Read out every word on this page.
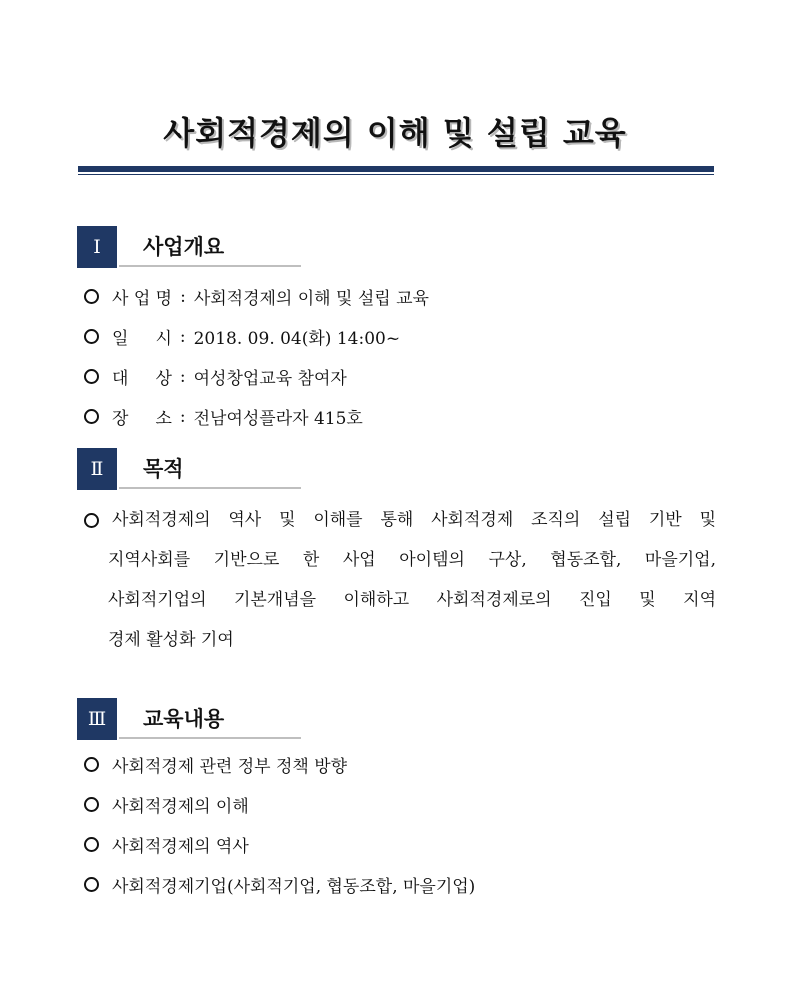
사회적경제의 이해 및 설립 교육
Ⅰ	사업개요
사 업 명 : 사회적경제의 이해 및 설립 교육
일     시 : 2018. 09. 04(화) 14:00~
대     상 : 여성창업교육 참여자
장     소 : 전남여성플라자 415호
Ⅱ	목적
사회적경제의 역사 및 이해를 통해 사회적경제 조직의 설립 기반 및
지역사회를 기반으로 한 사업 아이템의 구상, 협동조합, 마을기업,
사회적기업의 기본개념을 이해하고 사회적경제로의 진입 및 지역
경제 활성화 기여
Ⅲ	교육내용
사회적경제 관련 정부 정책 방향
사회적경제의 이해
사회적경제의 역사
사회적경제기업(사회적기업, 협동조합, 마을기업)
